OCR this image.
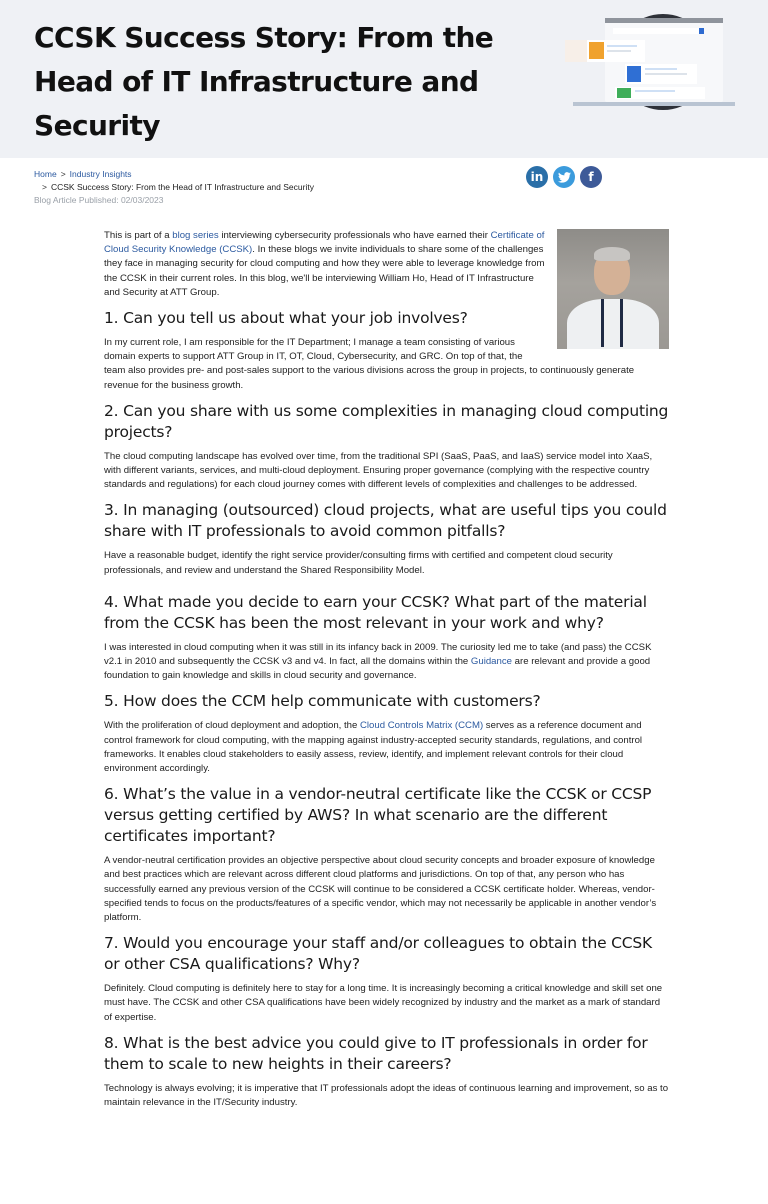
CCSK Success Story: From the Head of IT Infrastructure and Security
Home > Industry Insights
> CCSK Success Story: From the Head of IT Infrastructure and Security
Blog Article Published: 02/03/2023
in	f

This is part of a blog series interviewing cybersecurity professionals who have earned their Certificate of Cloud Security Knowledge (CCSK). In these blogs we invite individuals to share some of the challenges they face in managing security for cloud computing and how they were able to leverage knowledge from the CCSK in their current roles. In this blog, we'll be interviewing William Ho, Head of IT Infrastructure and Security at ATT Group.

1. Can you tell us about what your job involves?

In my current role, I am responsible for the IT Department; I manage a team consisting of various domain experts to support ATT Group in IT, OT, Cloud, Cybersecurity, and GRC. On top of that, the team also provides pre- and post-sales support to the various divisions across the group in projects, to continuously generate revenue for the business growth.

2. Can you share with us some complexities in managing cloud computing projects?

The cloud computing landscape has evolved over time, from the traditional SPI (SaaS, PaaS, and IaaS) service model into XaaS, with different variants, services, and multi-cloud deployment. Ensuring proper governance (complying with the respective country standards and regulations) for each cloud journey comes with different levels of complexities and challenges to be addressed.

3. In managing (outsourced) cloud projects, what are useful tips you could share with IT professionals to avoid common pitfalls?

Have a reasonable budget, identify the right service provider/consulting firms with certified and competent cloud security professionals, and review and understand the Shared Responsibility Model.

4. What made you decide to earn your CCSK? What part of the material from the CCSK has been the most relevant in your work and why?

I was interested in cloud computing when it was still in its infancy back in 2009. The curiosity led me to take (and pass) the CCSK v2.1 in 2010 and subsequently the CCSK v3 and v4. In fact, all the domains within the Guidance are relevant and provide a good foundation to gain knowledge and skills in cloud security and governance.

5. How does the CCM help communicate with customers?

With the proliferation of cloud deployment and adoption, the Cloud Controls Matrix (CCM) serves as a reference document and control framework for cloud computing, with the mapping against industry-accepted security standards, regulations, and control frameworks. It enables cloud stakeholders to easily assess, review, identify, and implement relevant controls for their cloud environment accordingly.

6. What’s the value in a vendor-neutral certificate like the CCSK or CCSP versus getting certified by AWS? In what scenario are the different certificates important?

A vendor-neutral certification provides an objective perspective about cloud security concepts and broader exposure of knowledge and best practices which are relevant across different cloud platforms and jurisdictions. On top of that, any person who has successfully earned any previous version of the CCSK will continue to be considered a CCSK certificate holder. Whereas, vendor-specified tends to focus on the products/features of a specific vendor, which may not necessarily be applicable in another vendor’s platform.

7. Would you encourage your staff and/or colleagues to obtain the CCSK or other CSA qualifications? Why?

Definitely. Cloud computing is definitely here to stay for a long time. It is increasingly becoming a critical knowledge and skill set one must have. The CCSK and other CSA qualifications have been widely recognized by industry and the market as a mark of standard of expertise.

8. What is the best advice you could give to IT professionals in order for them to scale to new heights in their careers?

Technology is always evolving; it is imperative that IT professionals adopt the ideas of continuous learning and improvement, so as to maintain relevance in the IT/Security industry.
